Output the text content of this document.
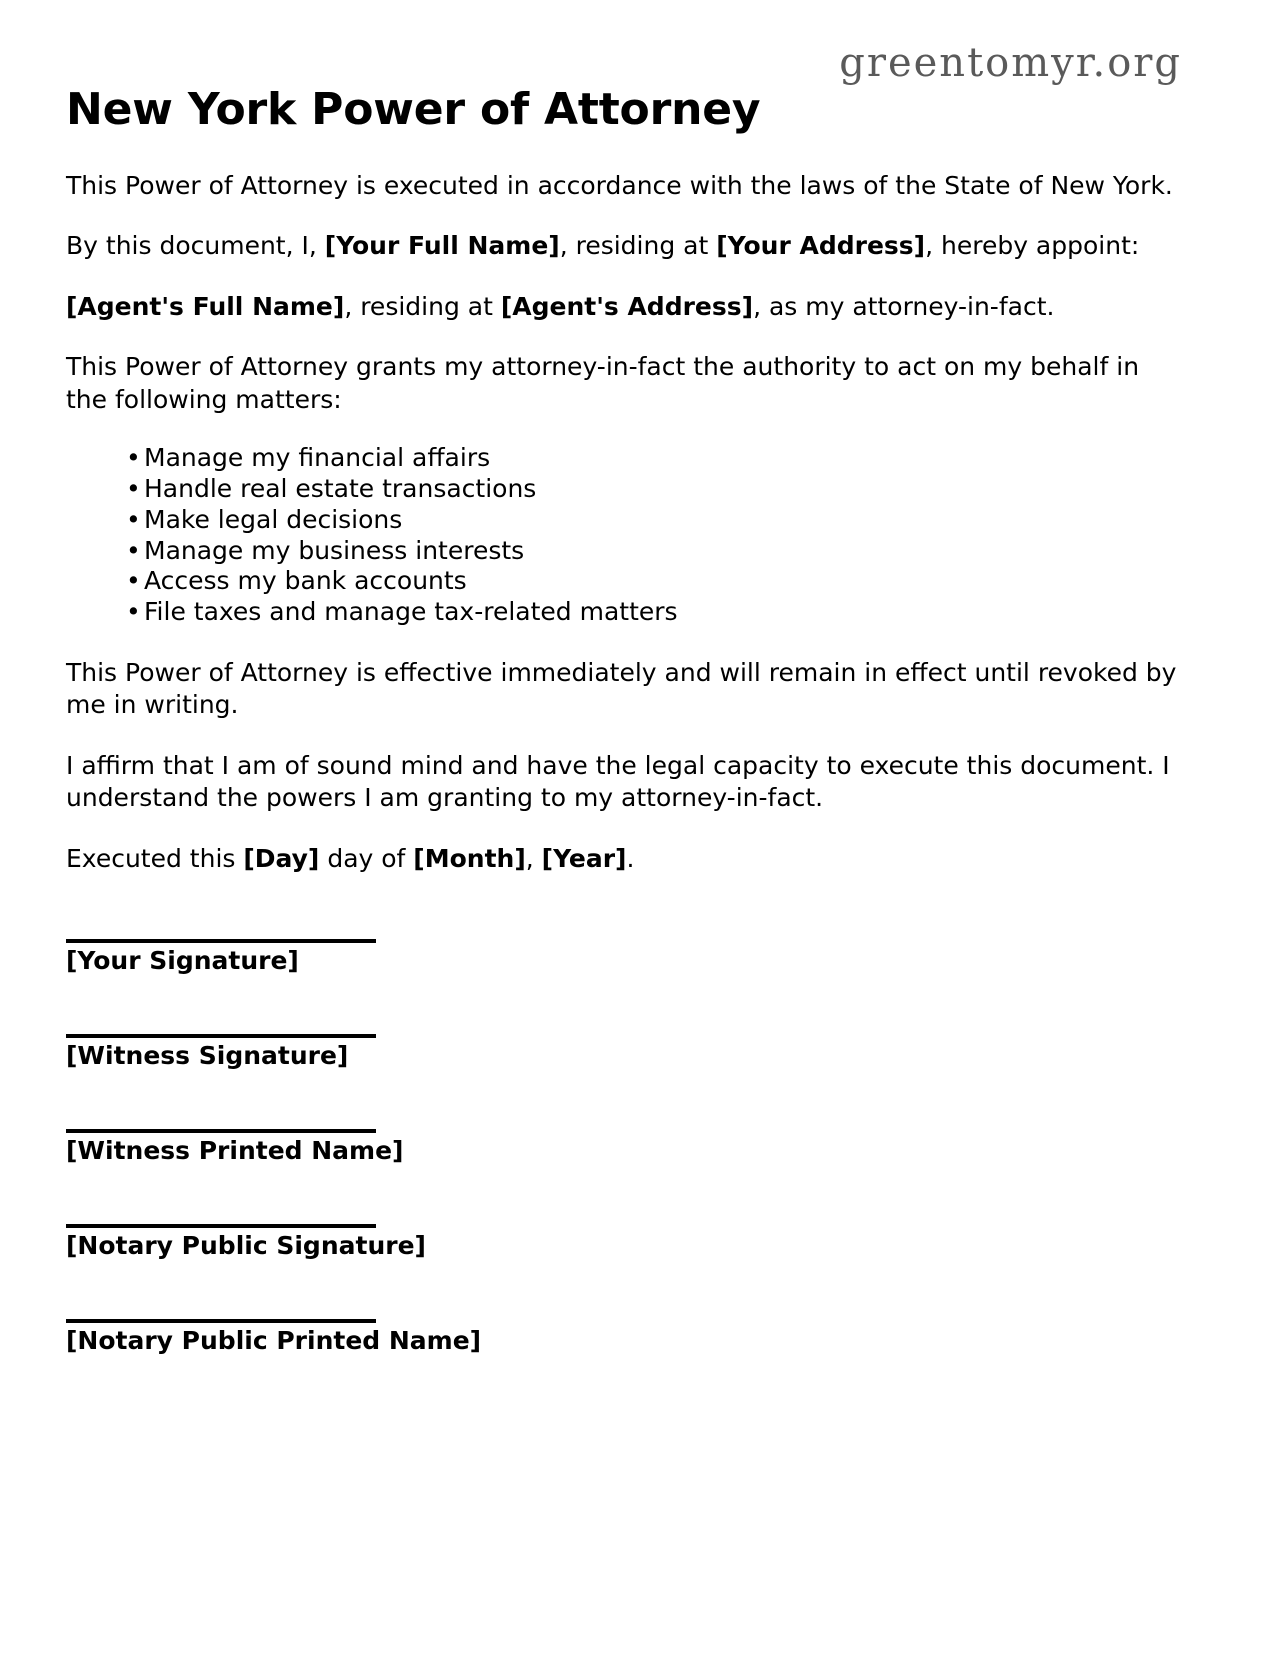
greentomyr.org
New York Power of Attorney

This Power of Attorney is executed in accordance with the laws of the State of New York.

By this document, I, [Your Full Name], residing at [Your Address], hereby appoint:

[Agent's Full Name], residing at [Agent's Address], as my attorney-in-fact.

This Power of Attorney grants my attorney-in-fact the authority to act on my behalf in the following matters:

• Manage my financial affairs
• Handle real estate transactions
• Make legal decisions
• Manage my business interests
• Access my bank accounts
• File taxes and manage tax-related matters

This Power of Attorney is effective immediately and will remain in effect until revoked by me in writing.

I affirm that I am of sound mind and have the legal capacity to execute this document. I understand the powers I am granting to my attorney-in-fact.

Executed this [Day] day of [Month], [Year].

[Your Signature]
[Witness Signature]
[Witness Printed Name]
[Notary Public Signature]
[Notary Public Printed Name]
